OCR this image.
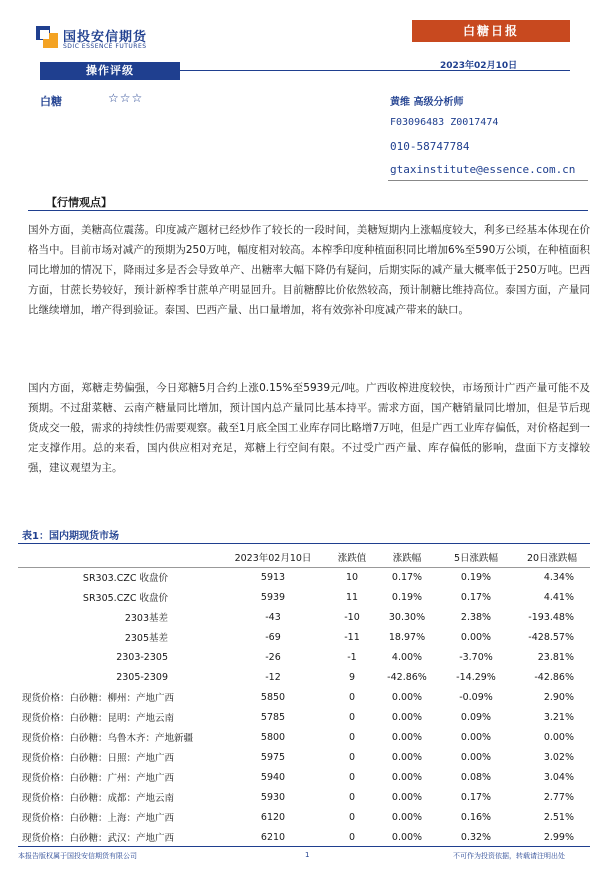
国投安信期货
SDIC ESSENCE FUTURES
白糖日报
操作评级	2023年02月10日
白糖	☆☆☆	黄维 高级分析师
F03096483 Z0017474
010-58747784
gtaxinstitute@essence.com.cn
【行情观点】

国外方面，美糖高位震荡。印度减产题材已经炒作了较长的一段时间，美糖短期内上涨幅度较大，利多已经基本体现在价格当中。目前市场对减产的预期为250万吨，幅度相对较高。本榨季印度种植面积同比增加6%至590万公顷，在种植面积同比增加的情况下，降雨过多是否会导致单产、出糖率大幅下降仍有疑问，后期实际的减产量大概率低于250万吨。巴西方面，甘蔗长势较好，预计新榨季甘蔗单产明显回升。目前糖醇比价依然较高，预计制糖比维持高位。泰国方面，产量同比继续增加，增产得到验证。泰国、巴西产量、出口量增加，将有效弥补印度减产带来的缺口。

国内方面，郑糖走势偏强，今日郑糖5月合约上涨0.15%至5939元/吨。广西收榨进度较快，市场预计广西产量可能不及预期。不过甜菜糖、云南产糖量同比增加，预计国内总产量同比基本持平。需求方面，国产糖销量同比增加，但是节后现货成交一般，需求的持续性仍需要观察。截至1月底全国工业库存同比略增7万吨，但是广西工业库存偏低，对价格起到一定支撑作用。总的来看，国内供应相对充足，郑糖上行空间有限。不过受广西产量、库存偏低的影响，盘面下方支撑较强，建议观望为主。

表1：国内期现货市场
	2023年02月10日	涨跌值	涨跌幅	5日涨跌幅	20日涨跌幅
SR303.CZC 收盘价	5913	10	0.17%	0.19%	4.34%
SR305.CZC 收盘价	5939	11	0.19%	0.17%	4.41%
2303基差	-43	-10	30.30%	2.38%	-193.48%
2305基差	-69	-11	18.97%	0.00%	-428.57%
2303-2305	-26	-1	4.00%	-3.70%	23.81%
2305-2309	-12	9	-42.86%	-14.29%	-42.86%
现货价格：白砂糖：柳州：产地广西	5850	0	0.00%	-0.09%	2.90%
现货价格：白砂糖：昆明：产地云南	5785	0	0.00%	0.09%	3.21%
现货价格：白砂糖：乌鲁木齐：产地新疆	5800	0	0.00%	0.00%	0.00%
现货价格：白砂糖：日照：产地广西	5975	0	0.00%	0.00%	3.02%
现货价格：白砂糖：广州：产地广西	5940	0	0.00%	0.08%	3.04%
现货价格：白砂糖：成都：产地云南	5930	0	0.00%	0.17%	2.77%
现货价格：白砂糖：上海：产地广西	6120	0	0.00%	0.16%	2.51%
现货价格：白砂糖：武汉：产地广西	6210	0	0.00%	0.32%	2.99%
本报告版权属于国投安信期货有限公司	1	不可作为投资依据，转载请注明出处
